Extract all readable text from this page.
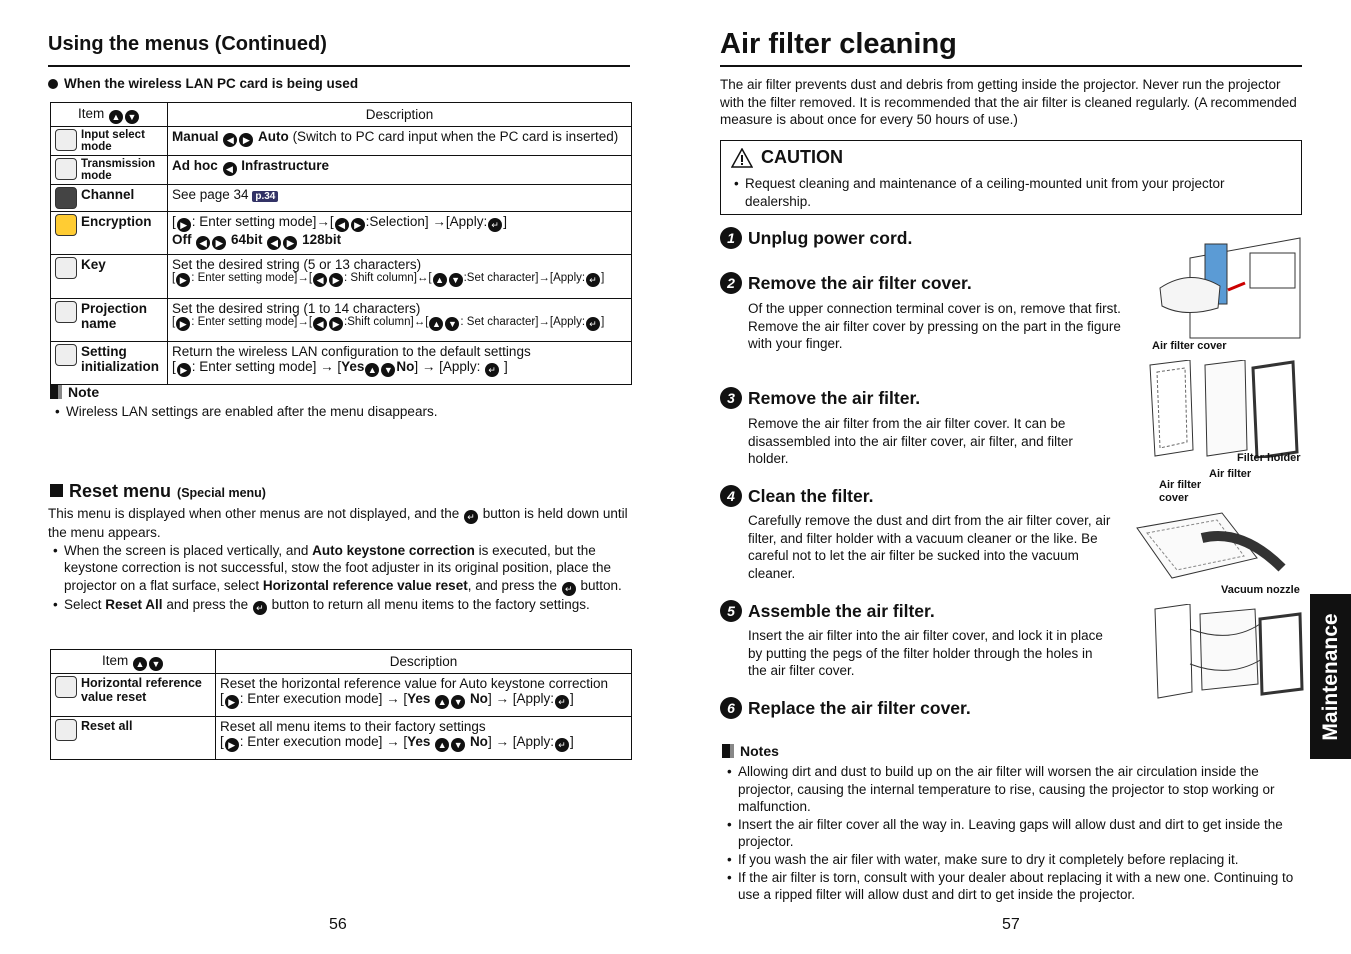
Using the menus (Continued)
When the wireless LAN PC card is being used
Item ▲ ▼	Description

Input select mode	Manual ◀ ▶ Auto (Switch to PC card input when the PC card is inserted)

Transmission mode	Ad hoc ◀ Infrastructure

Channel	See page 34 p.34

Encryption	[ ▶ : Enter setting mode]→[ ◀ ▶ :Selection] →[Apply: ↵ ]
Off ◀ ▶ 64bit ◀ ▶ 128bit

Key	Set the desired string (5 or 13 characters)
[ ▶ : Enter setting mode]→[ ◀ ▶ : Shift column]↔[ ▲ ▼ :Set character]→[Apply: ↵ ]

Projection name	Set the desired string (1 to 14 characters)
[ ▶ : Enter setting mode]→[ ◀ ▶ :Shift column]↔[ ▲ ▼ : Set character]→[Apply: ↵ ]

Setting initialization	Return the wireless LAN configuration to the default settings
[ ▶ : Enter setting mode] → [Yes ▲ ▼ No] → [Apply: ↵ ]
Note
• Wireless LAN settings are enabled after the menu disappears.
Reset menu (Special menu)
This menu is displayed when other menus are not displayed, and the ↵ button is held down until the menu appears.
• When the screen is placed vertically, and Auto keystone correction is executed, but the keystone correction is not successful, stow the foot adjuster in its original position, place the projector on a flat surface, select Horizontal reference value reset, and press the ↵ button.
• Select Reset All and press the ↵ button to return all menu items to the factory settings.
Item ▲ ▼	Description

Horizontal reference value reset	Reset the horizontal reference value for Auto keystone correction
[ ▶ : Enter execution mode] → [Yes ▲ ▼ No] → [Apply: ↵ ]

Reset all	Reset all menu items to their factory settings
[ ▶ : Enter execution mode] → [Yes ▲ ▼ No] → [Apply: ↵ ]
56
Air filter cleaning
The air filter prevents dust and debris from getting inside the projector. Never run the projector with the filter removed. It is recommended that the air filter is cleaned regularly. (A recommended measure is about once for every 50 hours of use.)
CAUTION
• Request cleaning and maintenance of a ceiling-mounted unit from your projector dealership.
1 Unplug power cord.
2 Remove the air filter cover.
Of the upper connection terminal cover is on, remove that first. Remove the air filter cover by pressing on the part in the figure with your finger.
3 Remove the air filter.
Remove the air filter from the air filter cover. It can be disassembled into the air filter cover, air filter, and filter holder.
4 Clean the filter.
Carefully remove the dust and dirt from the air filter cover, air filter, and filter holder with a vacuum cleaner or the like. Be careful not to let the air filter be sucked into the vacuum cleaner.
5 Assemble the air filter.
Insert the air filter into the air filter cover, and lock it in place by putting the pegs of the filter holder through the holes in the air filter cover.
6 Replace the air filter cover.
Air filter cover
Filter holder
Air filter
Air filter cover
Vacuum nozzle
Notes
• Allowing dirt and dust to build up on the air filter will worsen the air circulation inside the projector, causing the internal temperature to rise, causing the projector to stop working or malfunction.
• Insert the air filter cover all the way in. Leaving gaps will allow dust and dirt to get inside the projector.
• If you wash the air filer with water, make sure to dry it completely before replacing it.
• If the air filter is torn, consult with your dealer about replacing it with a new one. Continuing to use a ripped filter will allow dust and dirt to get inside the projector.
57
Maintenance
